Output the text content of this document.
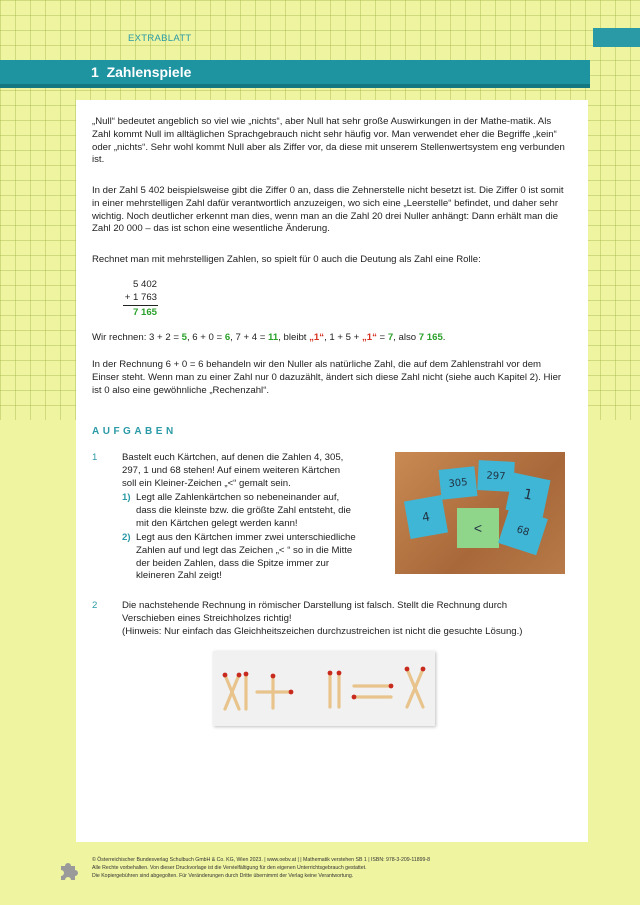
EXTRABLATT
1 Zahlenspiele

„Null“ bedeutet angeblich so viel wie „nichts“, aber Null hat sehr große Auswirkungen in der Mathe-matik. Als Zahl kommt Null im alltäglichen Sprachgebrauch nicht sehr häufig vor. Man verwendet eher die Begriffe „kein“ oder „nichts“. Sehr wohl kommt Null aber als Ziffer vor, da diese mit unserem Stellenwertsystem eng verbunden ist.

In der Zahl 5 402 beispielsweise gibt die Ziffer 0 an, dass die Zehnerstelle nicht besetzt ist. Die Ziffer 0 ist somit in einer mehrstelligen Zahl dafür verantwortlich anzuzeigen, wo sich eine „Leerstelle“ befindet, und daher sehr wichtig. Noch deutlicher erkennt man dies, wenn man an die Zahl 20 drei Nuller anhängt: Dann erhält man die Zahl 20 000 – das ist schon eine wesentliche Änderung.

Rechnet man mit mehrstelligen Zahlen, so spielt für 0 auch die Deutung als Zahl eine Rolle:

5 402
+ 1 763
7 165

Wir rechnen: 3 + 2 = 5, 6 + 0 = 6, 7 + 4 = 11, bleibt „1“, 1 + 5 + „1“ = 7, also 7 165.

In der Rechnung 6 + 0 = 6 behandeln wir den Nuller als natürliche Zahl, die auf dem Zahlenstrahl vor dem Einser steht. Wenn man zu einer Zahl nur 0 dazuzählt, ändert sich diese Zahl nicht (siehe auch Kapitel 2). Hier ist 0 also eine gewöhnliche „Rechenzahl“.

AUFGABEN
1	Bastelt euch Kärtchen, auf denen die Zahlen 4, 305,
297, 1 und 68 stehen! Auf einem weiteren Kärtchen
soll ein Kleiner-Zeichen „<“ gemalt sein.
1) Legt alle Zahlenkärtchen so nebeneinander auf,
dass die kleinste bzw. die größte Zahl entsteht, die
mit den Kärtchen gelegt werden kann!
2) Legt aus den Kärtchen immer zwei unterschiedliche
Zahlen auf und legt das Zeichen „< “ so in die Mitte
der beiden Zahlen, dass die Spitze immer zur
kleineren Zahl zeigt!
305
297
1
4
<	68
2	Die nachstehende Rechnung in römischer Darstellung ist falsch. Stellt die Rechnung durch
Verschieben eines Streichholzes richtig!
(Hinweis: Nur einfach das Gleichheitszeichen durchzustreichen ist nicht die gesuchte Lösung.)
© Österreichischer Bundesverlag Schulbuch GmbH & Co. KG, Wien 2023. | www.oebv.at | | Mathematik verstehen SB 1 | ISBN: 978-3-209-11899-8
Alle Rechte vorbehalten. Von dieser Druckvorlage ist die Vervielfältigung für den eigenen Unterrichtsgebrauch gestattet.
Die Kopiergebühren sind abgegolten. Für Veränderungen durch Dritte übernimmt der Verlag keine Verantwortung.
